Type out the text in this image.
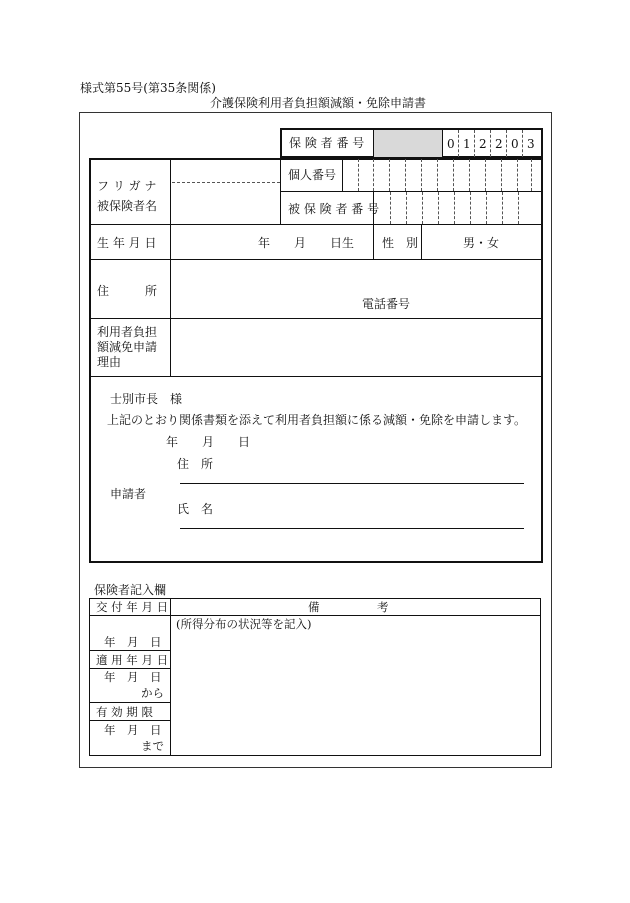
様式第55号(第35条関係)
介護保険利用者負担額減額・免除申請書
保 険 者 番 号	0 1 2 2 0 3
フ リ ガ ナ
被保険者名
個人番号
被 保 険 者 番 号
生 年 月 日	年　　月　　日生 性　別	男・女
住　　　所
電話番号
利用者負担
額減免申請
理由
士別市長　様
上記のとおり関係書類を添えて利用者負担額に係る減額・免除を申請します。
年　　月　　日
住　所
申請者
氏　名
保険者記入欄
交 付 年 月 日	備　　　　　考
(所得分布の状況等を記入)
年　月　日
適 用 年 月 日
年　月　日
から
有 効 期 限
年　月　日
まで
